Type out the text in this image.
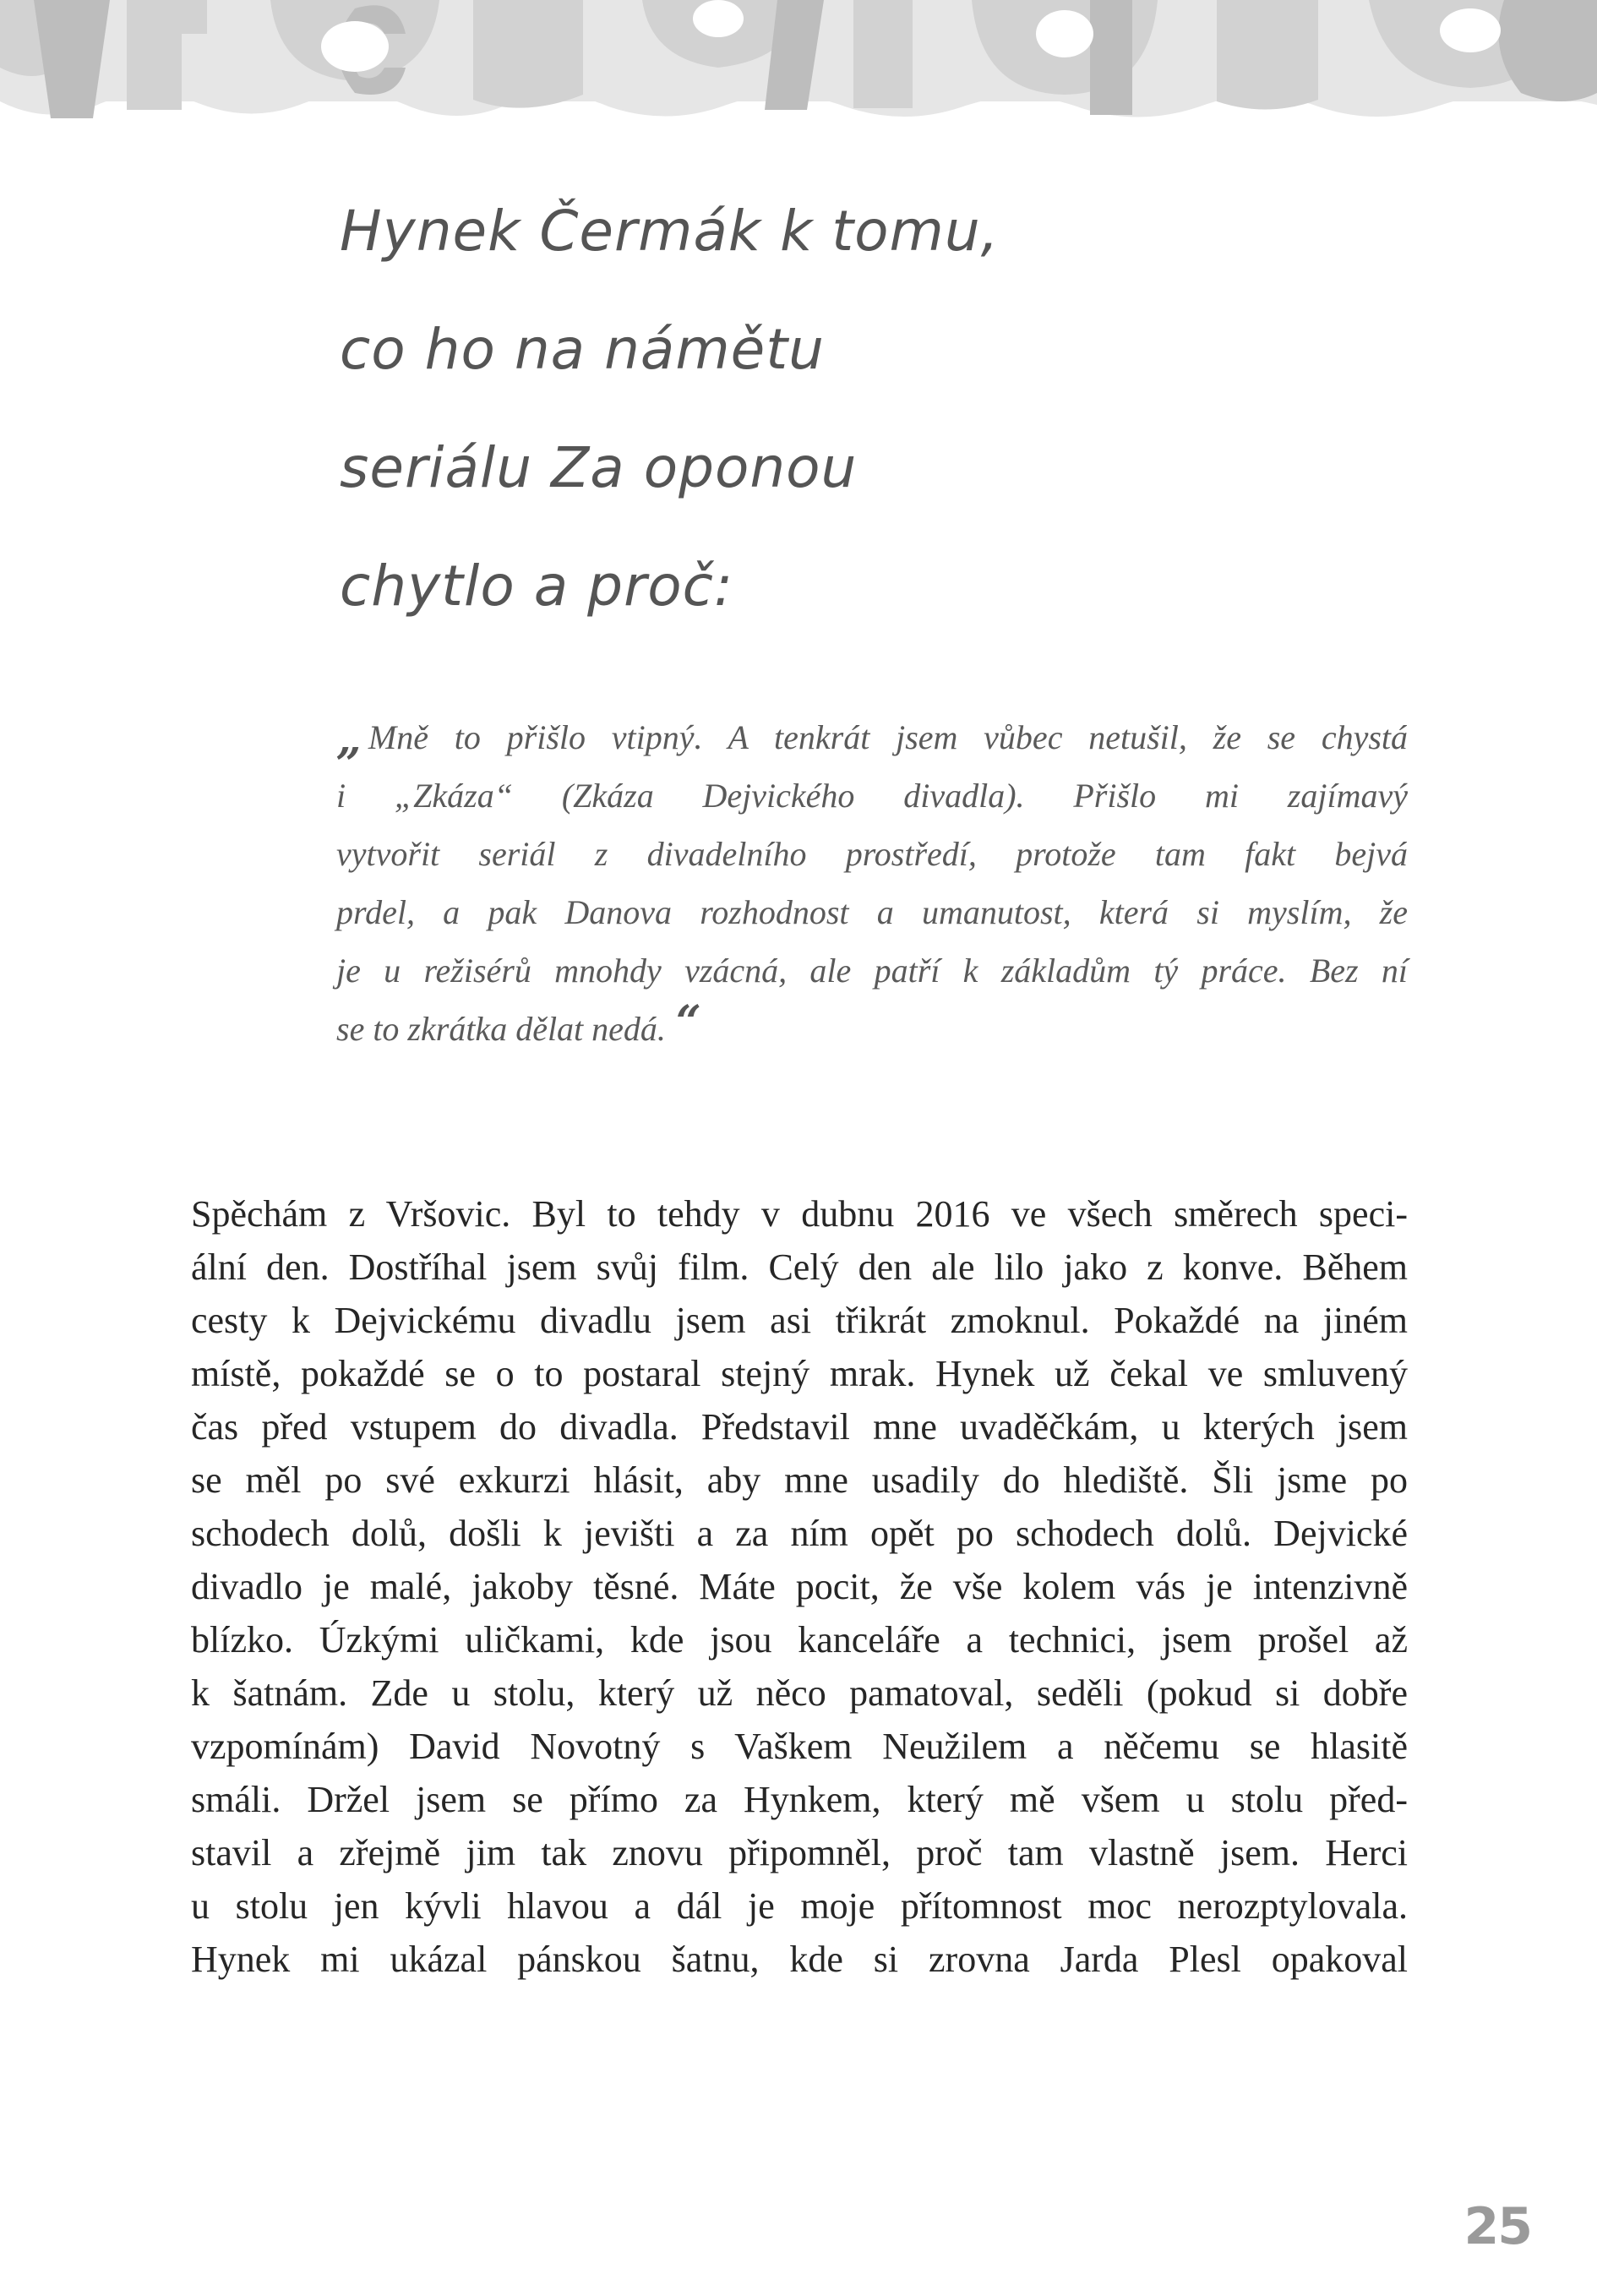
Hynek Čermák k tomu,
co ho na námětu
seriálu Za oponou
chytlo a proč:
„ Mně to přišlo vtipný. A tenkrát jsem vůbec netušil, že se chystá
i „Zkáza“ (Zkáza Dejvického divadla). Přišlo mi zajímavý
vytvořit seriál z divadelního prostředí, protože tam fakt bejvá
prdel, a pak Danova rozhodnost a umanutost, která si myslím, že
je u režisérů mnohdy vzácná, ale patří k základům tý práce. Bez ní
se to zkrátka dělat nedá. “
Spěchám z Vršovic. Byl to tehdy v dubnu 2016 ve všech směrech speci-
ální den. Dostříhal jsem svůj film. Celý den ale lilo jako z konve. Během
cesty k Dejvickému divadlu jsem asi třikrát zmoknul. Pokaždé na jiném
místě, pokaždé se o to postaral stejný mrak. Hynek už čekal ve smluvený
čas před vstupem do divadla. Představil mne uvaděčkám, u kterých jsem
se měl po své exkurzi hlásit, aby mne usadily do hlediště. Šli jsme po
schodech dolů, došli k jevišti a za ním opět po schodech dolů. Dejvické
divadlo je malé, jakoby těsné. Máte pocit, že vše kolem vás je intenzivně
blízko. Úzkými uličkami, kde jsou kanceláře a technici, jsem prošel až
k šatnám. Zde u stolu, který už něco pamatoval, seděli (pokud si dobře
vzpomínám) David Novotný s Vaškem Neužilem a něčemu se hlasitě
smáli. Držel jsem se přímo za Hynkem, který mě všem u stolu před-
stavil a zřejmě jim tak znovu připomněl, proč tam vlastně jsem. Herci
u stolu jen kývli hlavou a dál je moje přítomnost moc nerozptylovala.
Hynek mi ukázal pánskou šatnu, kde si zrovna Jarda Plesl opakoval
25
